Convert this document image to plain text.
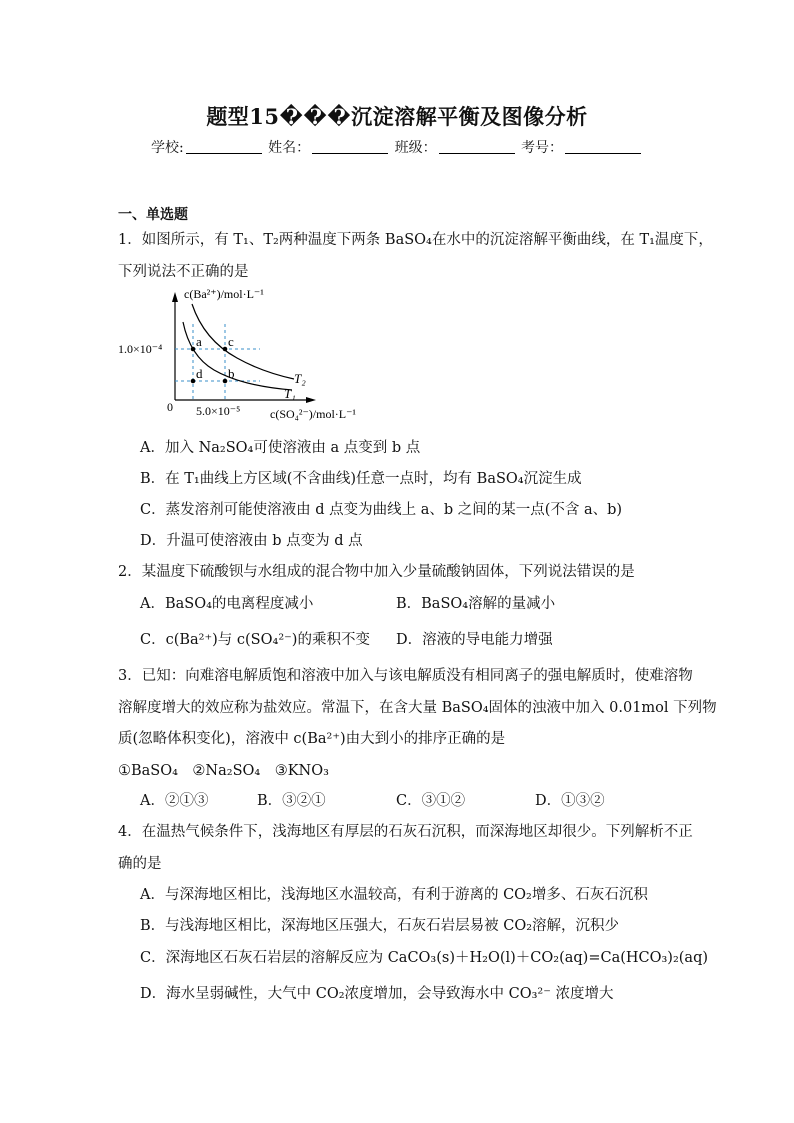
题型15���沉淀溶解平衡及图像分析
学校:	姓名：	班级：	考号：
一、单选题
1．如图所示，有 T₁、T₂两种温度下两条 BaSO₄在水中的沉淀溶解平衡曲线，在 T₁温度下，
下列说法不正确的是
a
b
c
d	T₂
T₁
c(Ba²⁺)/mol·L⁻¹
c(SO₄²⁻)/mol·L⁻¹
1.0×10⁻⁴
5.0×10⁻⁵
0
A．加入 Na₂SO₄可使溶液由 a 点变到 b 点
B．在 T₁曲线上方区域(不含曲线)任意一点时，均有 BaSO₄沉淀生成
C．蒸发溶剂可能使溶液由 d 点变为曲线上 a、b 之间的某一点(不含 a、b)
D．升温可使溶液由 b 点变为 d 点
2．某温度下硫酸钡与水组成的混合物中加入少量硫酸钠固体，下列说法错误的是
A．BaSO₄的电离程度减小	B．BaSO₄溶解的量减小
C．c(Ba²⁺)与 c(SO₄²⁻)的乘积不变 D．溶液的导电能力增强
3．已知：向难溶电解质饱和溶液中加入与该电解质没有相同离子的强电解质时，使难溶物
溶解度增大的效应称为盐效应。常温下，在含大量 BaSO₄固体的浊液中加入 0.01mol 下列物
质(忽略体积变化)，溶液中 c(Ba²⁺)由大到小的排序正确的是
①BaSO₄　②Na₂SO₄　③KNO₃
A．②①③	B．③②①	C．③①②	D．①③②
4．在温热气候条件下，浅海地区有厚层的石灰石沉积，而深海地区却很少。下列解析不正
确的是
A．与深海地区相比，浅海地区水温较高，有利于游离的 CO₂增多、石灰石沉积
B．与浅海地区相比，深海地区压强大，石灰石岩层易被 CO₂溶解，沉积少
C．深海地区石灰石岩层的溶解反应为 CaCO₃(s)＋H₂O(l)＋CO₂(aq)=Ca(HCO₃)₂(aq)
D．海水呈弱碱性，大气中 CO₂浓度增加，会导致海水中 CO₃²⁻ 浓度增大
